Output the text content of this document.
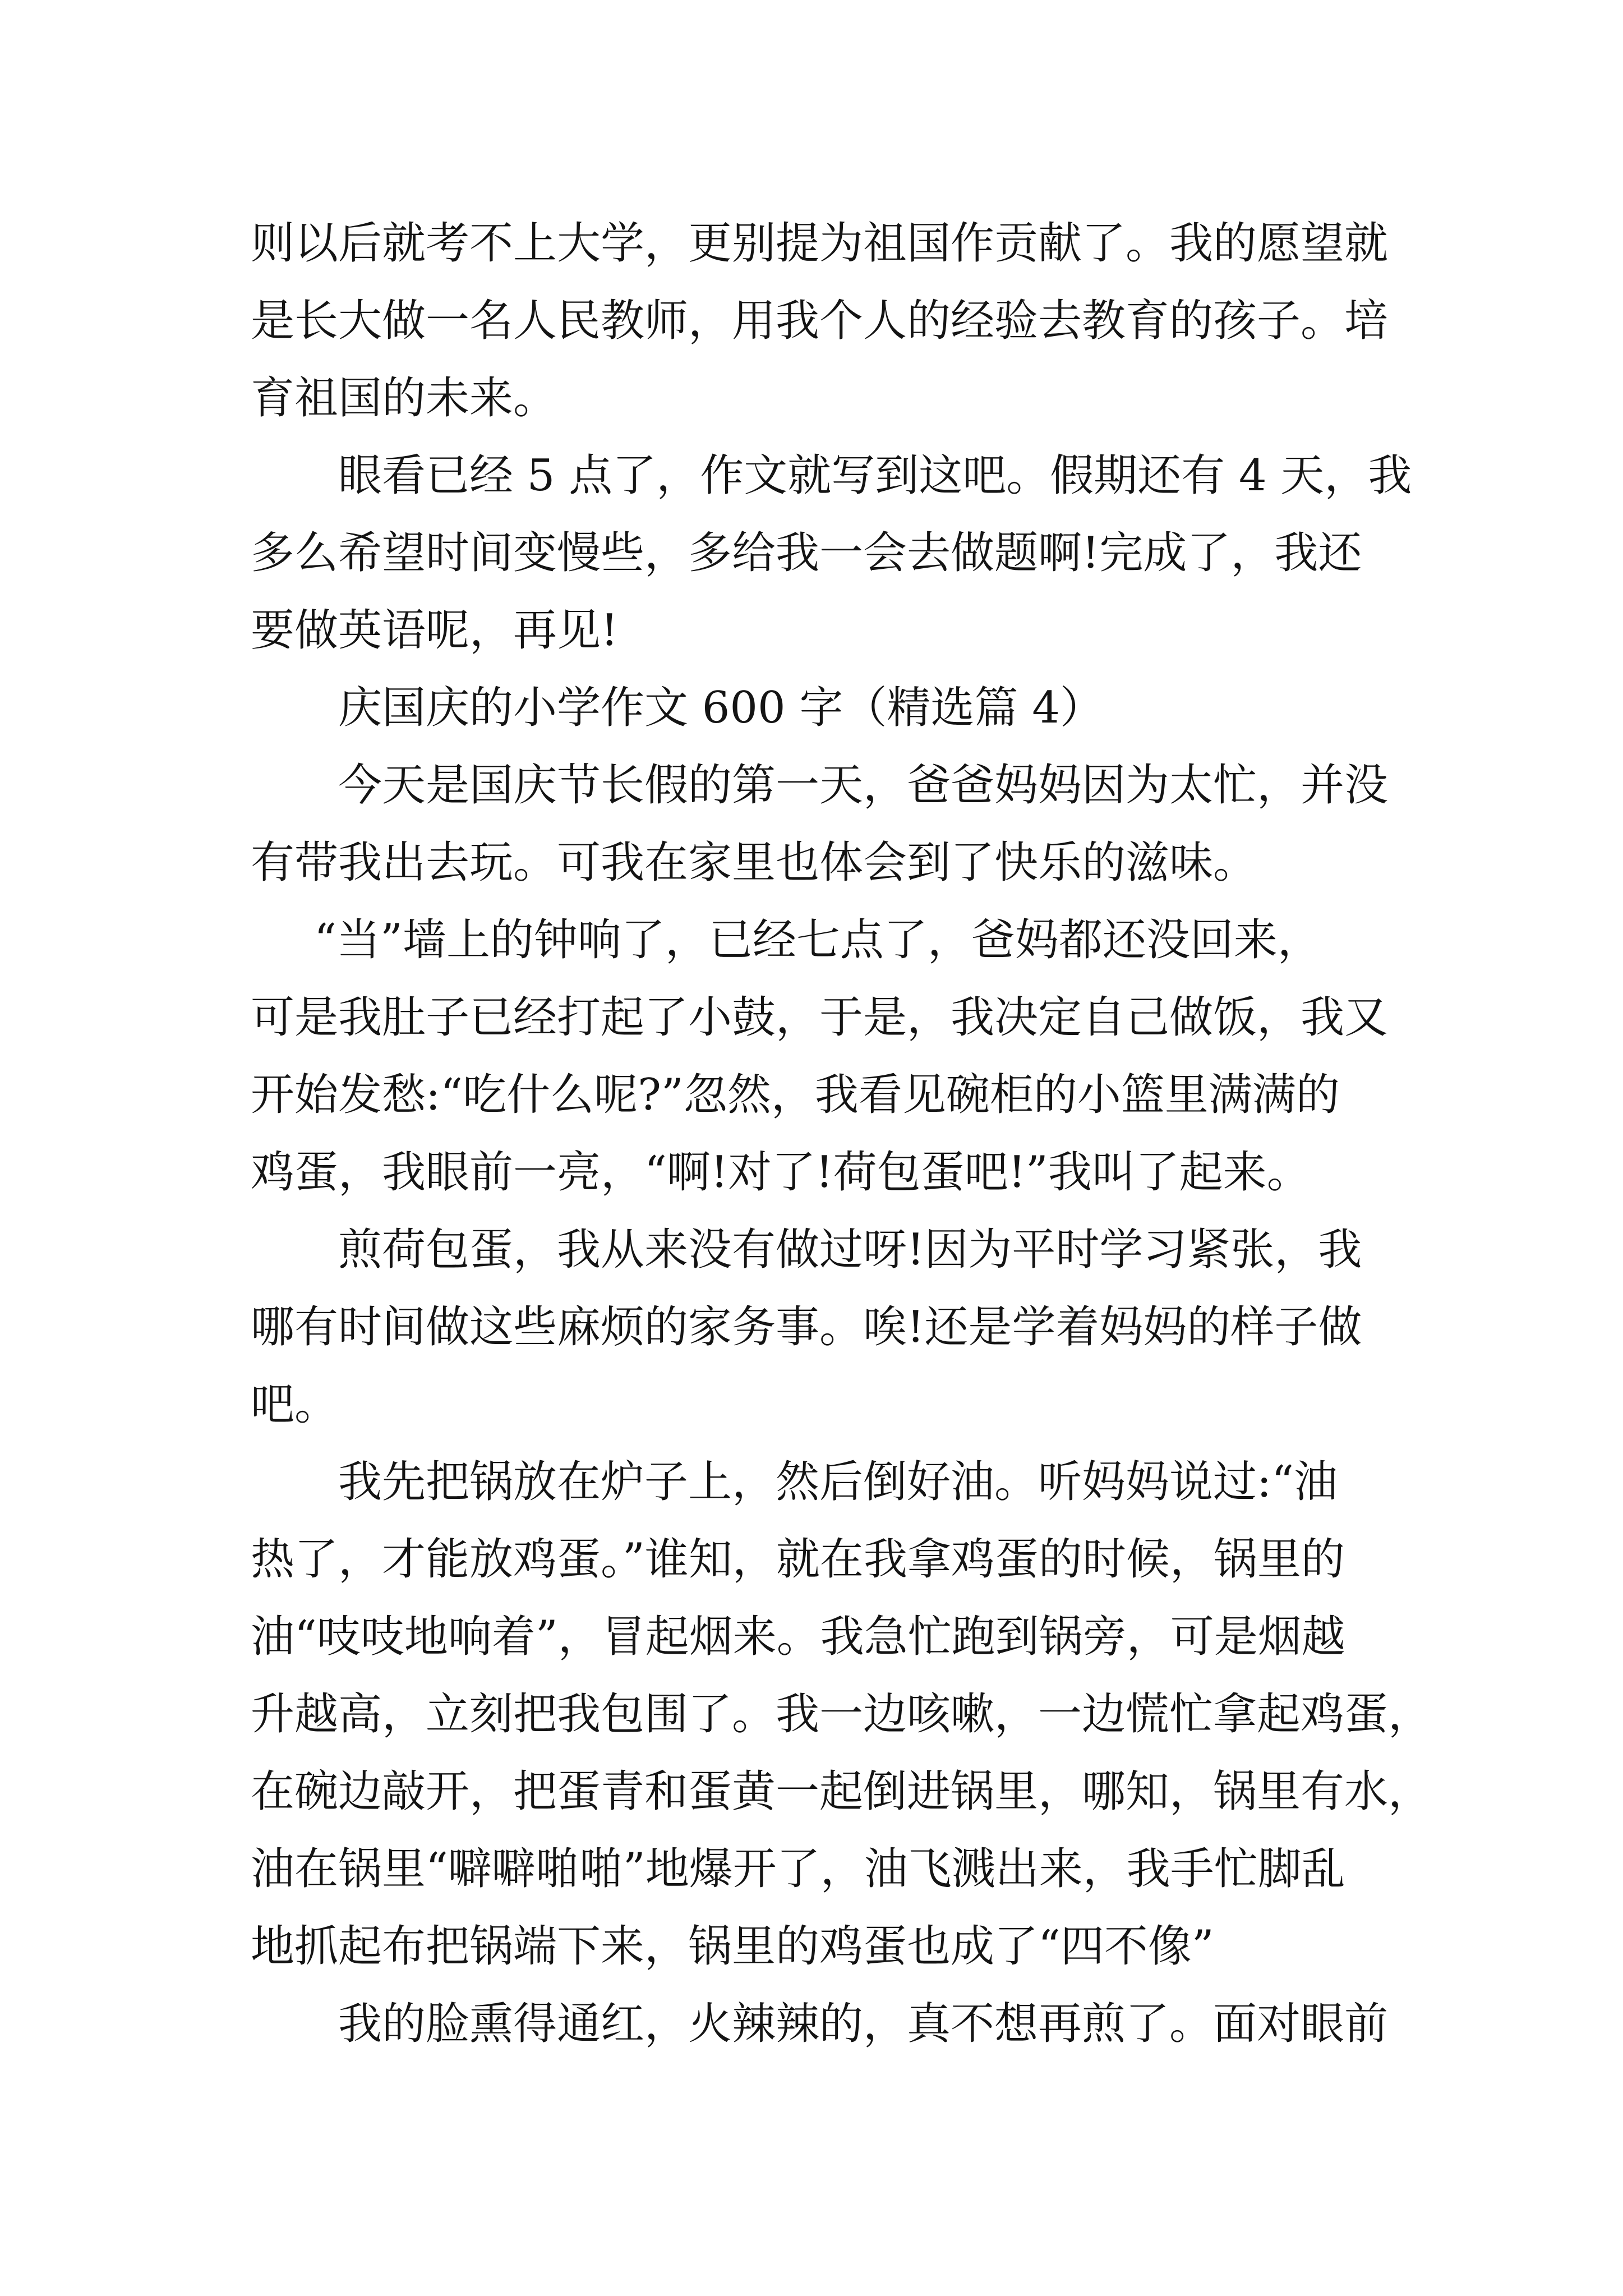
则以后就考不上大学，更别提为祖国作贡献了。我的愿望就
是长大做一名人民教师，用我个人的经验去教育的孩子。培
育祖国的未来。
眼看已经 5 点了，作文就写到这吧。假期还有 4 天，我
多么希望时间变慢些，多给我一会去做题啊!完成了，我还
要做英语呢，再见!
庆国庆的小学作文 600 字（精选篇 4）
今天是国庆节长假的第一天，爸爸妈妈因为太忙，并没
有带我出去玩。可我在家里也体会到了快乐的滋味。
“当”墙上的钟响了，已经七点了，爸妈都还没回来，
可是我肚子已经打起了小鼓，于是，我决定自己做饭，我又
开始发愁:“吃什么呢?”忽然，我看见碗柜的小篮里满满的
鸡蛋，我眼前一亮，“啊!对了!荷包蛋吧!”我叫了起来。
煎荷包蛋，我从来没有做过呀!因为平时学习紧张，我
哪有时间做这些麻烦的家务事。唉!还是学着妈妈的样子做
吧。
我先把锅放在炉子上，然后倒好油。听妈妈说过:“油
热了，才能放鸡蛋。”谁知，就在我拿鸡蛋的时候，锅里的
油“吱吱地响着”，冒起烟来。我急忙跑到锅旁，可是烟越
升越高，立刻把我包围了。我一边咳嗽，一边慌忙拿起鸡蛋，
在碗边敲开，把蛋青和蛋黄一起倒进锅里，哪知，锅里有水，
油在锅里“噼噼啪啪”地爆开了，油飞溅出来，我手忙脚乱
地抓起布把锅端下来，锅里的鸡蛋也成了“四不像”
我的脸熏得通红，火辣辣的，真不想再煎了。面对眼前
